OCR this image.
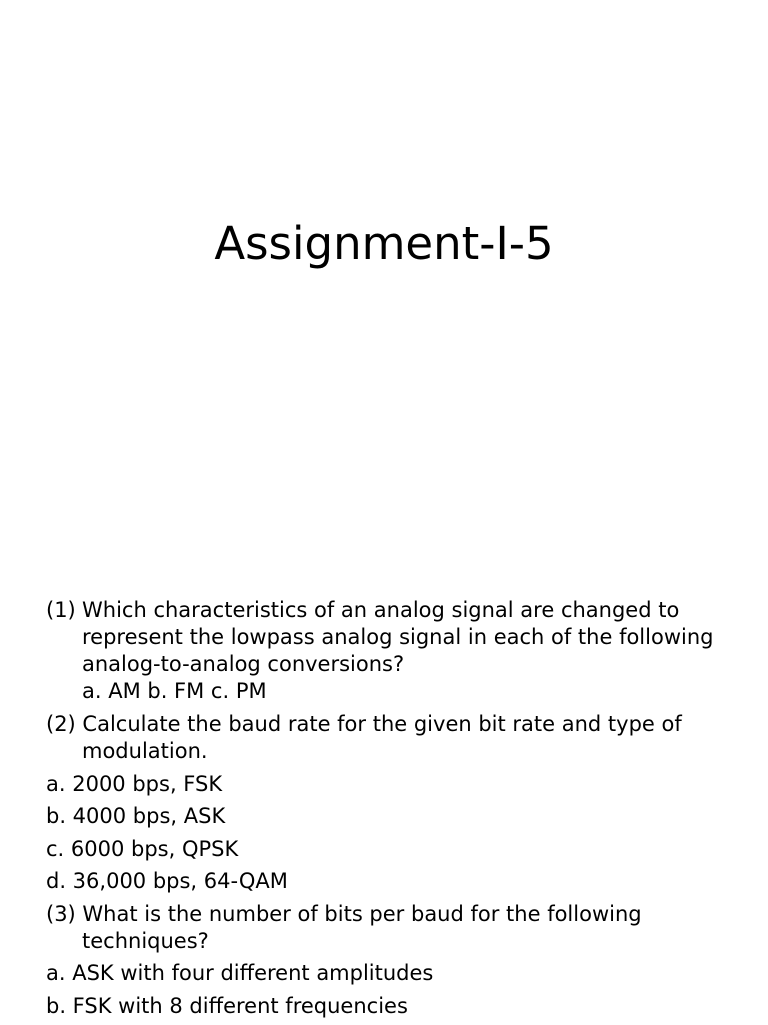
Assignment-I-5
(1) Which characteristics of an analog signal are changed to represent the lowpass analog signal in each of the following analog-to-analog conversions?
a. AM b. FM c. PM
(2) Calculate the baud rate for the given bit rate and type of modulation.
a. 2000 bps, FSK
b. 4000 bps, ASK
c. 6000 bps, QPSK
d. 36,000 bps, 64-QAM
(3) What is the number of bits per baud for the following techniques?
a. ASK with four different amplitudes
b. FSK with 8 different frequencies
